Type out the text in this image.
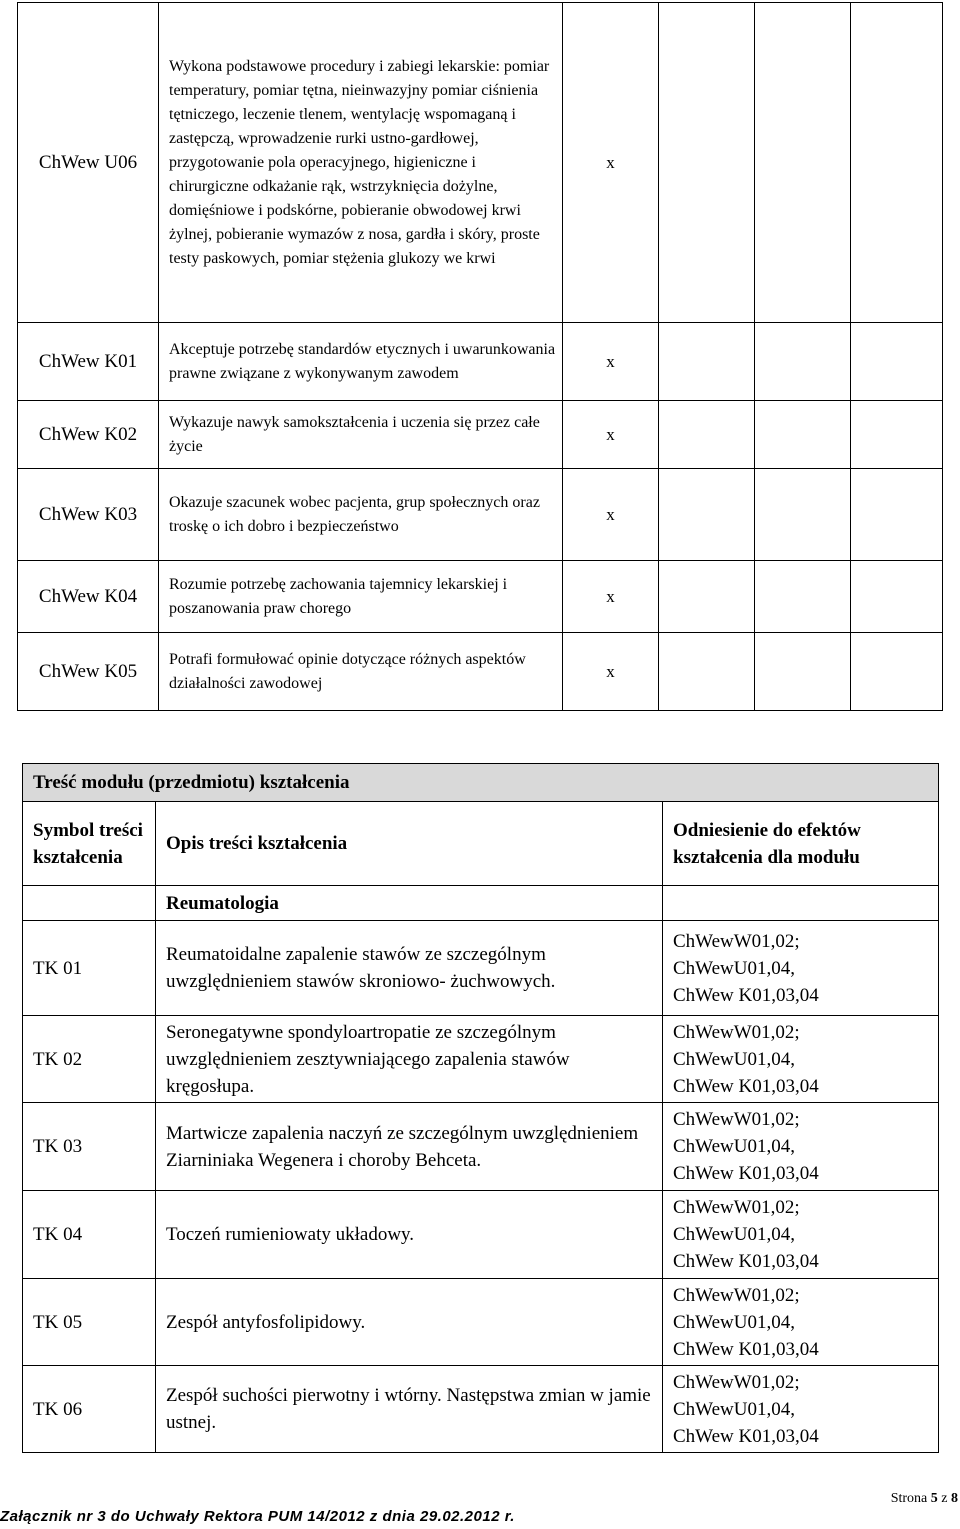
ChWew U06	Wykona podstawowe procedury i zabiegi lekarskie: pomiar temperatury, pomiar tętna, nieinwazyjny pomiar ciśnienia tętniczego, leczenie tlenem, wentylację wspomaganą i zastępczą, wprowadzenie rurki ustno-gardłowej, przygotowanie pola operacyjnego, higieniczne i chirurgiczne odkażanie rąk, wstrzyknięcia dożylne, domięśniowe i podskórne, pobieranie obwodowej krwi żylnej, pobieranie wymazów z nosa, gardła i skóry, proste testy paskowych, pomiar stężenia glukozy we krwi	x			
ChWew K01	Akceptuje potrzebę standardów etycznych i uwarunkowania prawne związane z wykonywanym zawodem	x			
ChWew K02	Wykazuje nawyk samokształcenia i uczenia się przez całe życie	x			
ChWew K03	Okazuje szacunek wobec pacjenta, grup społecznych oraz troskę o ich dobro i bezpieczeństwo	x			
ChWew K04	Rozumie potrzebę zachowania tajemnicy lekarskiej i poszanowania praw chorego	x			
ChWew K05	Potrafi formułować opinie dotyczące różnych aspektów działalności zawodowej	x			
Treść modułu (przedmiotu) kształcenia		
Symbol treści kształcenia	Opis treści kształcenia	Odniesienie do efektów kształcenia dla modułu
	Reumatologia	
TK 01	Reumatoidalne zapalenie stawów ze szczególnym uwzględnieniem stawów skroniowo- żuchwowych.	ChWewW01,02;
ChWewU01,04,
ChWew K01,03,04

TK 02	Seronegatywne spondyloartropatie ze szczególnym uwzględnieniem zesztywniającego zapalenia stawów kręgosłupa.	ChWewW01,02;
ChWewU01,04,
ChWew K01,03,04

TK 03	Martwicze zapalenia naczyń ze szczególnym uwzględnieniem Ziarniniaka Wegenera i choroby Behceta.	ChWewW01,02;
ChWewU01,04,
ChWew K01,03,04

TK 04	Toczeń rumieniowaty układowy.	ChWewW01,02;
ChWewU01,04,
ChWew K01,03,04

TK 05	Zespół antyfosfolipidowy.	ChWewW01,02;
ChWewU01,04,
ChWew K01,03,04

TK 06	Zespół suchości pierwotny i wtórny. Następstwa zmian w jamie ustnej.	ChWewW01,02;
ChWewU01,04,
ChWew K01,03,04
Strona 5 z 8
Załącznik nr 3 do Uchwały Rektora PUM 14/2012 z dnia 29.02.2012 r.
